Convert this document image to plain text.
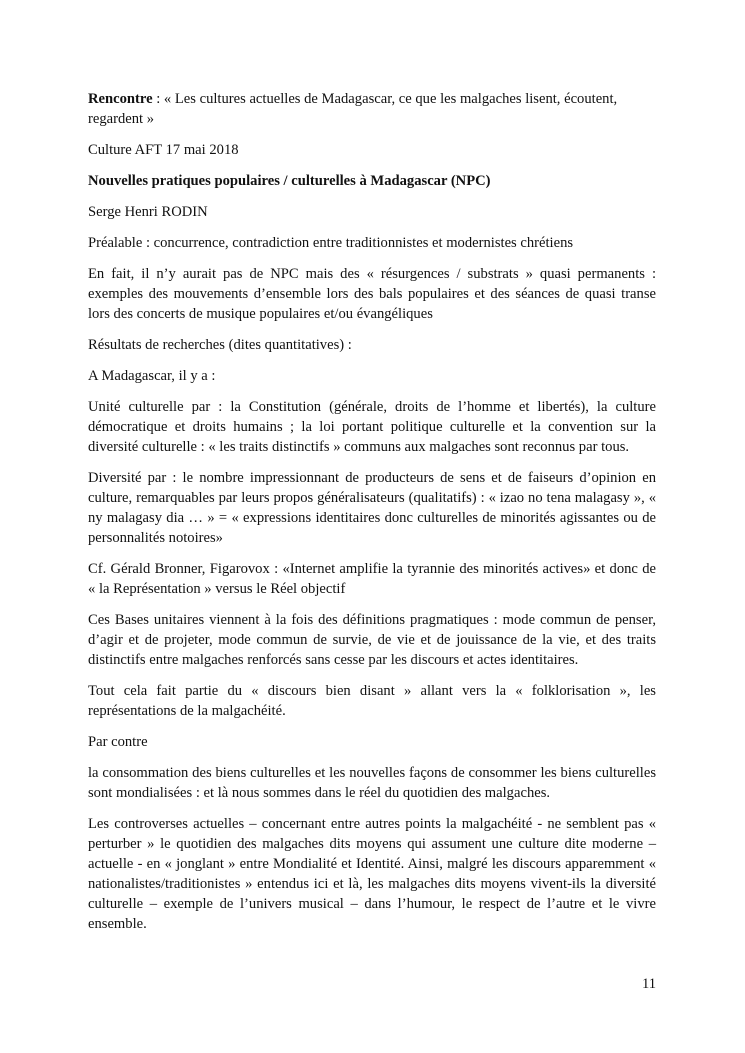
Rencontre : « Les cultures actuelles de Madagascar, ce que les malgaches lisent, écoutent, regardent »

Culture AFT 17 mai 2018

Nouvelles pratiques populaires / culturelles à Madagascar (NPC)

Serge Henri RODIN

Préalable : concurrence, contradiction entre traditionnistes et modernistes chrétiens

En fait, il n’y aurait pas de NPC mais des « résurgences / substrats » quasi permanents : exemples des mouvements d’ensemble lors des bals populaires et des séances de quasi transe lors des concerts de musique populaires et/ou évangéliques

Résultats de recherches (dites quantitatives) :

A Madagascar, il y a :

Unité culturelle par : la Constitution (générale, droits de l’homme et libertés), la culture démocratique et droits humains ; la loi portant politique culturelle et la convention sur la diversité culturelle : « les traits distinctifs » communs aux malgaches sont reconnus par tous.

Diversité par : le nombre impressionnant de producteurs de sens et de faiseurs d’opinion en culture, remarquables par leurs propos généralisateurs (qualitatifs) : « izao no tena malagasy », « ny malagasy dia … » = « expressions identitaires donc culturelles de minorités agissantes ou de personnalités notoires»

Cf. Gérald Bronner, Figarovox : «Internet amplifie la tyrannie des minorités actives» et donc de « la Représentation » versus le Réel objectif

Ces Bases unitaires viennent à la fois des définitions pragmatiques : mode commun de penser, d’agir et de projeter, mode commun de survie, de vie et de jouissance de la vie, et des traits distinctifs entre malgaches renforcés sans cesse par les discours et actes identitaires.

Tout cela fait partie du « discours bien disant » allant vers la « folklorisation », les représentations de la malgachéité.

Par contre

la consommation des biens culturelles et les nouvelles façons de consommer les biens culturelles sont mondialisées : et là nous sommes dans le réel du quotidien des malgaches.

Les controverses actuelles – concernant entre autres points la malgachéité - ne semblent pas « perturber » le quotidien des malgaches dits moyens qui assument une culture dite moderne – actuelle - en « jonglant » entre Mondialité et Identité. Ainsi, malgré les discours apparemment « nationalistes/traditionistes » entendus ici et là, les malgaches dits moyens vivent-ils la diversité culturelle – exemple de l’univers musical – dans l’humour, le respect de l’autre et le vivre ensemble.

11
